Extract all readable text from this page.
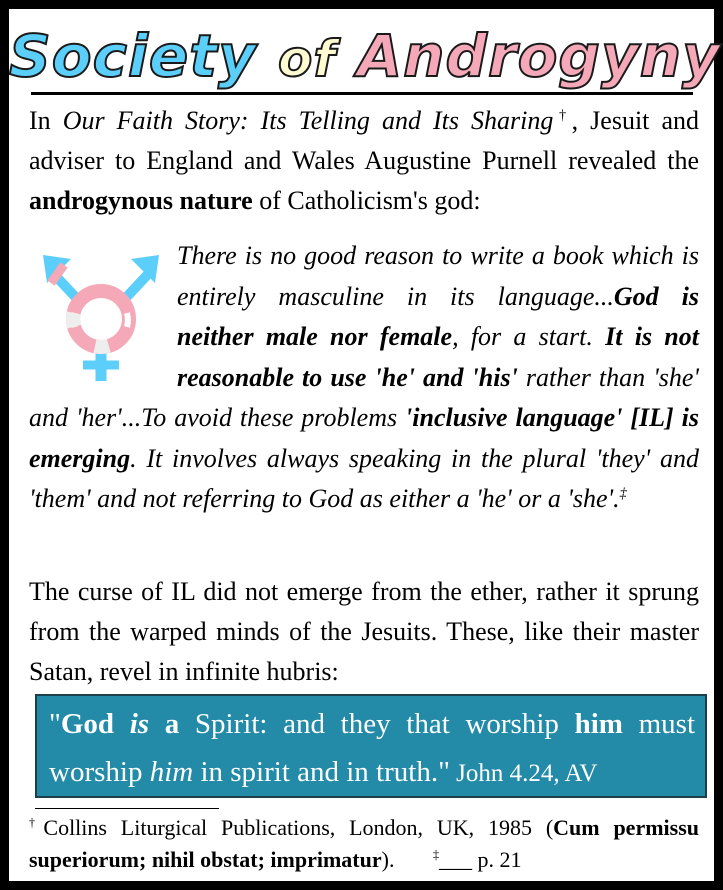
Society of Androgyny
In Our Faith Story: Its Telling and Its Sharing†, Jesuit and adviser to England and Wales Augustine Purnell revealed the androgynous nature of Catholicism's god:
There is no good reason to write a book which is entirely masculine in its language...God is neither male nor female, for a start. It is not reasonable to use 'he' and 'his' rather than 'she' and 'her'...To avoid these problems 'inclusive language' [IL] is emerging. It involves always speaking in the plural 'they' and 'them' and not referring to God as either a 'he' or a 'she'.‡
The curse of IL did not emerge from the ether, rather it sprung from the warped minds of the Jesuits. These, like their master Satan, revel in infinite hubris:
"God is a Spirit: and they that worship him must worship him in spirit and in truth." John 4.24, AV
†Collins Liturgical Publications, London, UK, 1985 (Cum permissu superiorum; nihil obstat; imprimatur).	‡___ p. 21
